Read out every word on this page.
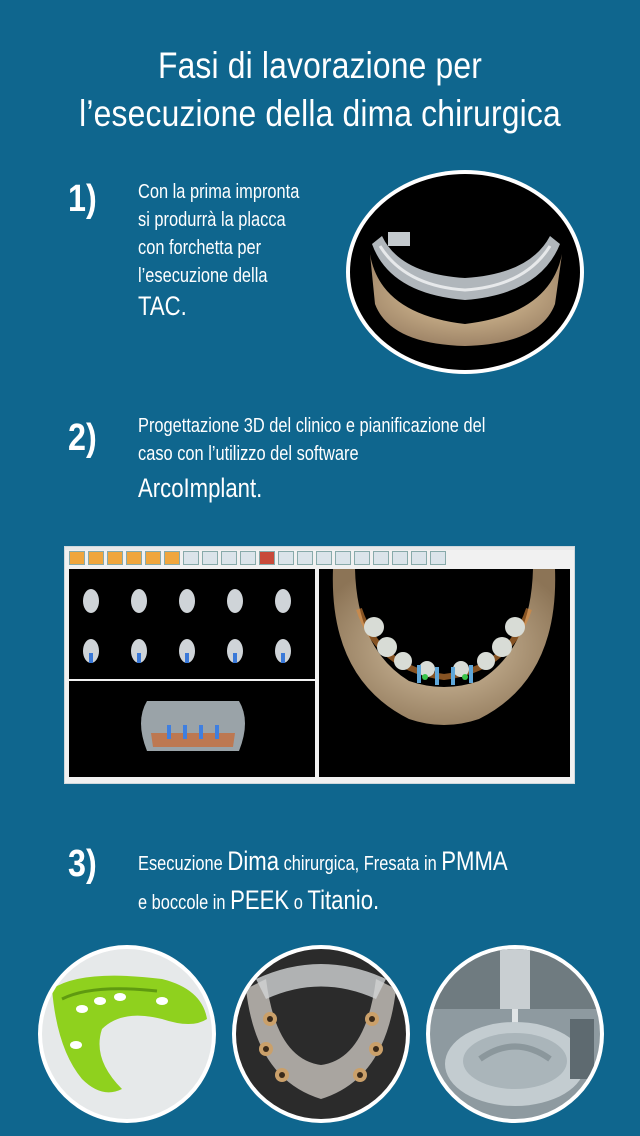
Fasi di lavorazione per
l’esecuzione della dima chirurgica
1) Con la prima impronta
si produrrà la placca
con forchetta per
l’esecuzione della
TAC.
2) Progettazione 3D del clinico e pianificazione del
caso con l’utilizzo del software
ArcoImplant.
3) Esecuzione Dima chirurgica, Fresata in PMMA
e boccole in PEEK o Titanio.
